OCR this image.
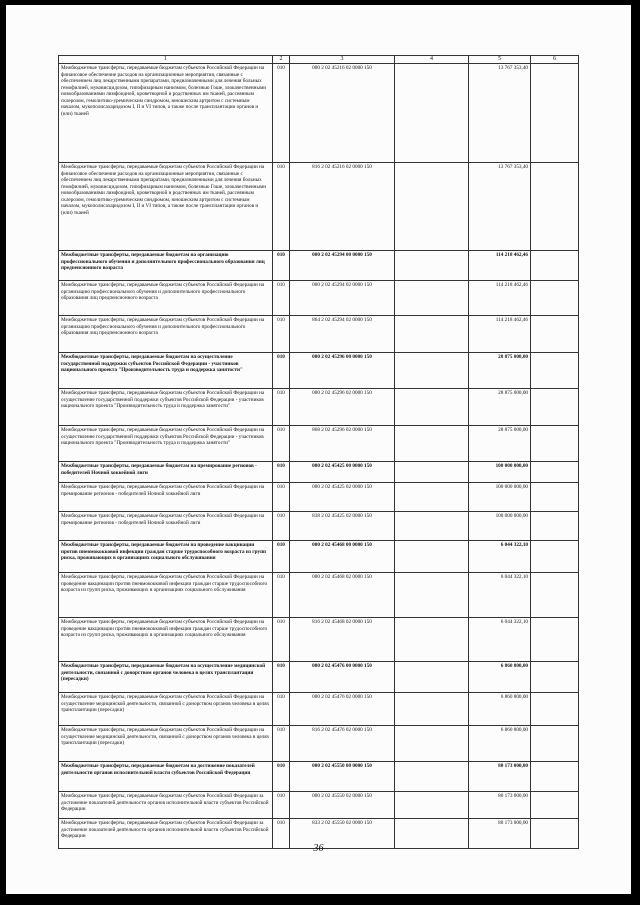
1	2	3	4	5	6
Межбюджетные трансферты, передаваемые бюджетам субъектов Российской Федерации на финансовое обеспечение расходов на организационные мероприятия, связанные с обеспечением лиц лекарственными препаратами, предназначенными для лечения больных гемофилией, муковисцидозом, гипофизарным нанизмом, болезнью Гоше, злокачественными новообразованиями лимфоидной, кроветворной и родственных им тканей, рассеянным склерозом, гемолитико-уремическим синдромом, юношеским артритом с системным началом, мукополисахаридозом I, II и VI типов, а также после трансплантации органов и (или) тканей	010	000 2 02 45216 02 0000 150		13 767 353,40	
Межбюджетные трансферты, передаваемые бюджетам субъектов Российской Федерации на финансовое обеспечение расходов на организационные мероприятия, связанные с обеспечением лиц лекарственными препаратами, предназначенными для лечения больных гемофилией, муковисцидозом, гипофизарным нанизмом, болезнью Гоше, злокачественными новообразованиями лимфоидной, кроветворной и родственных им тканей, рассеянным склерозом, гемолитико-уремическим синдромом, юношеским артритом с системным началом, мукополисахаридозом I, II и VI типов, а также после трансплантации органов и (или) тканей	010	816 2 02 45216 02 0000 150		13 767 353,40	
Межбюджетные трансферты, передаваемые бюджетам на организацию профессионального обучения и дополнительного профессионального образования лиц предпенсионного возраста	010	000 2 02 45294 00 0000 150		114 218 462,46	
Межбюджетные трансферты, передаваемые бюджетам субъектов Российской Федерации на организацию профессионального обучения и дополнительного профессионального образования лиц предпенсионного возраста	010	000 2 02 45294 02 0000 150		114 218 462,46	
Межбюджетные трансферты, передаваемые бюджетам субъектов Российской Федерации на организацию профессионального обучения и дополнительного профессионального образования лиц предпенсионного возраста	010	864 2 02 45294 02 0000 150		114 218 462,46	
Межбюджетные трансферты, передаваемые бюджетам на осуществление государственной поддержки субъектов Российской Федерации - участников национального проекта "Производительность труда и поддержка занятости"	010	000 2 02 45296 00 0000 150		28 875 000,00	
Межбюджетные трансферты, передаваемые бюджетам субъектов Российской Федерации на осуществление государственной поддержки субъектов Российской Федерации - участников национального проекта "Производительность труда и поддержка занятости"	010	000 2 02 45296 02 0000 150		28 875 000,00	
Межбюджетные трансферты, передаваемые бюджетам субъектов Российской Федерации на осуществление государственной поддержки субъектов Российской Федерации - участников национального проекта "Производительность труда и поддержка занятости"	010	868 2 02 45296 02 0000 150		28 875 000,00	
Межбюджетные трансферты, передаваемые бюджетам на премирование регионов - победителей Ночной хоккейной лиги	010	000 2 02 45425 00 0000 150		100 000 000,00	
Межбюджетные трансферты, передаваемые бюджетам субъектов Российской Федерации на премирование регионов - победителей Ночной хоккейной лиги	010	000 2 02 45425 02 0000 150		100 000 000,00	
Межбюджетные трансферты, передаваемые бюджетам субъектов Российской Федерации на премирование регионов - победителей Ночной хоккейной лиги	010	838 2 02 45425 02 0000 150		100 000 000,00	
Межбюджетные трансферты, передаваемые бюджетам на проведение вакцинации против пневмококковой инфекции граждан старше трудоспособного возраста из групп риска, проживающих в организациях социального обслуживания	010	000 2 02 45468 00 0000 150		6 044 322,10	
Межбюджетные трансферты, передаваемые бюджетам субъектов Российской Федерации на проведение вакцинации против пневмококковой инфекции граждан старше трудоспособного возраста из групп риска, проживающих в организациях социального обслуживания	010	000 2 02 45468 02 0000 150		6 044 322,10	
Межбюджетные трансферты, передаваемые бюджетам субъектов Российской Федерации на проведение вакцинации против пневмококковой инфекции граждан старше трудоспособного возраста из групп риска, проживающих в организациях социального обслуживания	010	816 2 02 45468 02 0000 150		6 044 322,10	
Межбюджетные трансферты, передаваемые бюджетам на осуществление медицинской деятельности, связанной с донорством органов человека в целях трансплантации (пересадки)	010	000 2 02 45476 00 0000 150		6 860 800,00	
Межбюджетные трансферты, передаваемые бюджетам субъектов Российской Федерации на осуществление медицинской деятельности, связанной с донорством органов человека в целях трансплантации (пересадки)	010	000 2 02 45476 02 0000 150		6 860 800,00	
Межбюджетные трансферты, передаваемые бюджетам субъектов Российской Федерации на осуществление медицинской деятельности, связанной с донорством органов человека в целях трансплантации (пересадки)	010	816 2 02 45476 02 0000 150		6 860 800,00	
Межбюджетные трансферты, передаваемые бюджетам на достижение показателей деятельности органов исполнительной власти субъектов Российской Федерации	010	000 2 02 45550 00 0000 150		80 173 000,00	
Межбюджетные трансферты, передаваемые бюджетам субъектов Российской Федерации за достижение показателей деятельности органов исполнительной власти субъектов Российской Федерации	010	000 2 02 45550 02 0000 150		80 173 000,00	
Межбюджетные трансферты, передаваемые бюджетам субъектов Российской Федерации за достижение показателей деятельности органов исполнительной власти субъектов Российской Федерации	010	833 2 02 45550 02 0000 150		80 173 000,00	
36
